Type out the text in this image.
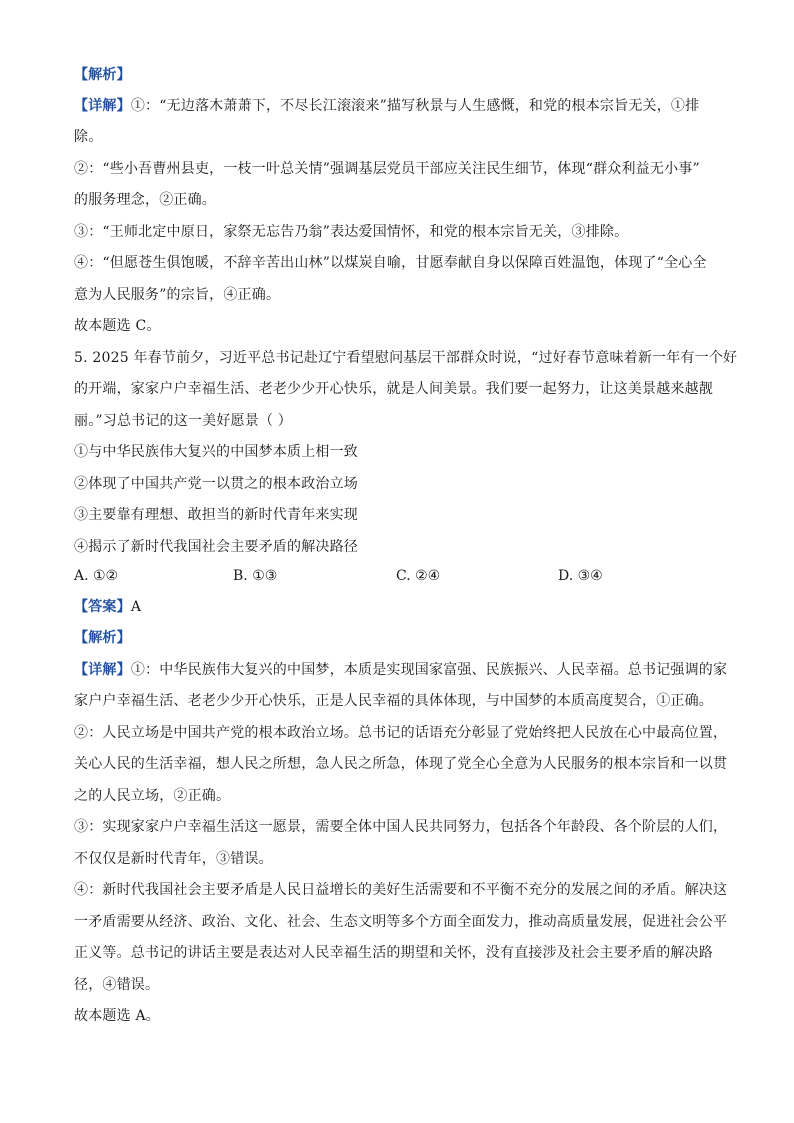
【解析】
【详解】①：“无边落木萧萧下，不尽长江滚滚来”描写秋景与人生感慨，和党的根本宗旨无关，①排
除。
②：“些小吾曹州县吏，一枝一叶总关情”强调基层党员干部应关注民生细节，体现“群众利益无小事”
的服务理念，②正确。
③：“王师北定中原日，家祭无忘告乃翁”表达爱国情怀，和党的根本宗旨无关，③排除。
④：“但愿苍生俱饱暖，不辞辛苦出山林”以煤炭自喻，甘愿奉献自身以保障百姓温饱，体现了“全心全
意为人民服务”的宗旨，④正确。
故本题选 C。
5. 2025 年春节前夕，习近平总书记赴辽宁看望慰问基层干部群众时说，“过好春节意味着新一年有一个好
的开端，家家户户幸福生活、老老少少开心快乐，就是人间美景。我们要一起努力，让这美景越来越靓
丽。”习总书记的这一美好愿景（ ）
①与中华民族伟大复兴的中国梦本质上相一致
②体现了中国共产党一以贯之的根本政治立场
③主要靠有理想、敢担当的新时代青年来实现
④揭示了新时代我国社会主要矛盾的解决路径
A. ①②	B. ①③	C. ②④	D. ③④
【答案】A
【解析】
【详解】①：中华民族伟大复兴的中国梦，本质是实现国家富强、民族振兴、人民幸福。总书记强调的家
家户户幸福生活、老老少少开心快乐，正是人民幸福的具体体现，与中国梦的本质高度契合，①正确。
②：人民立场是中国共产党的根本政治立场。总书记的话语充分彰显了党始终把人民放在心中最高位置，
关心人民的生活幸福，想人民之所想，急人民之所急，体现了党全心全意为人民服务的根本宗旨和一以贯
之的人民立场，②正确。
③：实现家家户户幸福生活这一愿景，需要全体中国人民共同努力，包括各个年龄段、各个阶层的人们，
不仅仅是新时代青年，③错误。
④：新时代我国社会主要矛盾是人民日益增长的美好生活需要和不平衡不充分的发展之间的矛盾。解决这
一矛盾需要从经济、政治、文化、社会、生态文明等多个方面全面发力，推动高质量发展，促进社会公平
正义等。总书记的讲话主要是表达对人民幸福生活的期望和关怀，没有直接涉及社会主要矛盾的解决路
径，④错误。
故本题选 A。
